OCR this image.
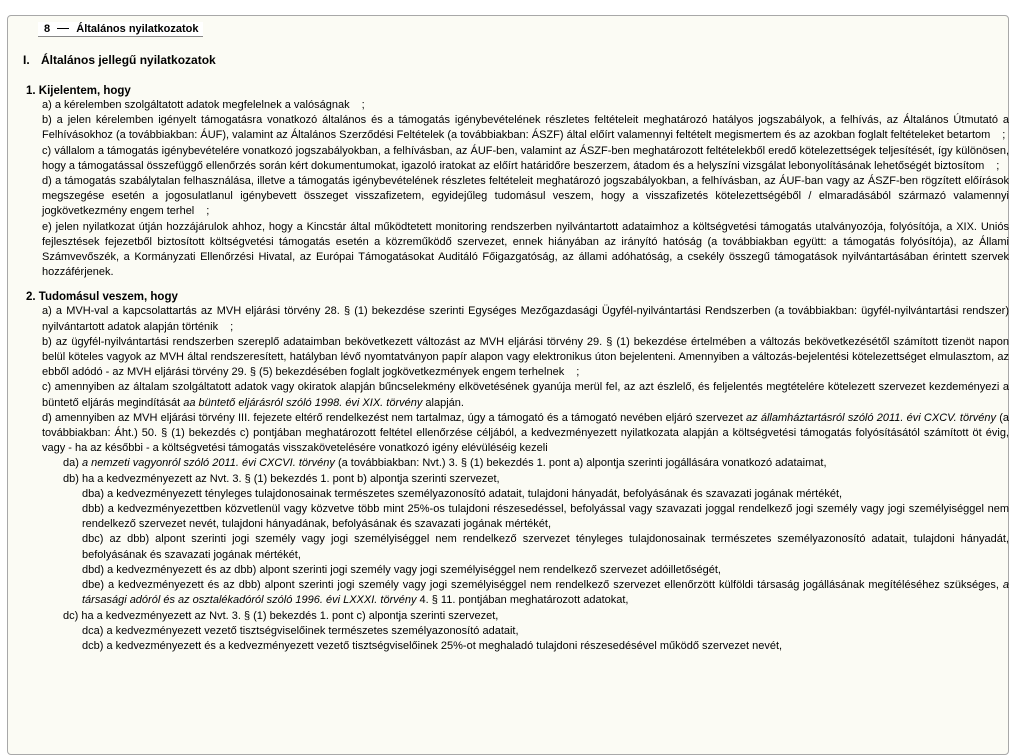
8 Általános nyilatkozatok
I. Általános jellegű nyilatkozatok
1. Kijelentem, hogy

a) a kérelemben szolgáltatott adatok megfelelnek a valóságnak ;

b) a jelen kérelemben igényelt támogatásra vonatkozó általános és a támogatás igénybevételének részletes feltételeit meghatározó hatályos jogszabályok, a felhívás, az Általános Útmutató a Felhívásokhoz (a továbbiakban: ÁUF), valamint az Általános Szerződési Feltételek (a továbbiakban: ÁSZF) által előírt valamennyi feltételt megismertem és az azokban foglalt feltételeket betartom ;

c) vállalom a támogatás igénybevételére vonatkozó jogszabályokban, a felhívásban, az ÁUF-ben, valamint az ÁSZF-ben meghatározott feltételekből eredő kötelezettségek teljesítését, így különösen, hogy a támogatással összefüggő ellenőrzés során kért dokumentumokat, igazoló iratokat az előírt határidőre beszerzem, átadom és a helyszíni vizsgálat lebonyolításának lehetőségét biztosítom ;

d) a támogatás szabálytalan felhasználása, illetve a támogatás igénybevételének részletes feltételeit meghatározó jogszabályokban, a felhívásban, az ÁUF-ban vagy az ÁSZF-ben rögzített előírások megszegése esetén a jogosulatlanul igénybevett összeget visszafizetem, egyidejűleg tudomásul veszem, hogy a visszafizetés kötelezettségéből / elmaradásából származó valamennyi jogkövetkezmény engem terhel ;

e) jelen nyilatkozat útján hozzájárulok ahhoz, hogy a Kincstár által működtetett monitoring rendszerben nyilvántartott adataimhoz a költségvetési támogatás utalványozója, folyósítója, a XIX. Uniós fejlesztések fejezetből biztosított költségvetési támogatás esetén a közreműködő szervezet, ennek hiányában az irányító hatóság (a továbbiakban együtt: a támogatás folyósítója), az Állami Számvevőszék, a Kormányzati Ellenőrzési Hivatal, az Európai Támogatásokat Auditáló Főigazgatóság, az állami adóhatóság, a csekély összegű támogatások nyilvántartásában érintett szervek hozzáférjenek.

2. Tudomásul veszem, hogy

a) a MVH-val a kapcsolattartás az MVH eljárási törvény 28. § (1) bekezdése szerinti Egységes Mezőgazdasági Ügyfél-nyilvántartási Rendszerben (a továbbiakban: ügyfél-nyilvántartási rendszer) nyilvántartott adatok alapján történik ;

b) az ügyfél-nyilvántartási rendszerben szereplő adataimban bekövetkezett változást az MVH eljárási törvény 29. § (1) bekezdése értelmében a változás bekövetkezésétől számított tizenöt napon belül köteles vagyok az MVH által rendszeresített, hatályban lévő nyomtatványon papír alapon vagy elektronikus úton bejelenteni. Amennyiben a változás-bejelentési kötelezettséget elmulasztom, az ebből adódó - az MVH eljárási törvény 29. § (5) bekezdésében foglalt jogkövetkezmények engem terhelnek ;

c) amennyiben az általam szolgáltatott adatok vagy okiratok alapján bűncselekmény elkövetésének gyanúja merül fel, az azt észlelő, és feljelentés megtételére kötelezett szervezet kezdeményezi a büntető eljárás megindítását aa büntető eljárásról szóló 1998. évi XIX. törvény alapján.

d) amennyiben az MVH eljárási törvény III. fejezete eltérő rendelkezést nem tartalmaz, úgy a támogató és a támogató nevében eljáró szervezet az államháztartásról szóló 2011. évi CXCV. törvény (a továbbiakban: Áht.) 50. § (1) bekezdés c) pontjában meghatározott feltétel ellenőrzése céljából, a kedvezményezett nyilatkozata alapján a költségvetési támogatás folyósításától számított öt évig, vagy - ha az későbbi - a költségvetési támogatás visszakövetelésére vonatkozó igény elévüléséig kezeli

da) a nemzeti vagyonról szóló 2011. évi CXCVI. törvény (a továbbiakban: Nvt.) 3. § (1) bekezdés 1. pont a) alpontja szerinti jogállására vonatkozó adataimat,

db) ha a kedvezményezett az Nvt. 3. § (1) bekezdés 1. pont b) alpontja szerinti szervezet,

dba) a kedvezményezett tényleges tulajdonosainak természetes személyazonosító adatait, tulajdoni hányadát, befolyásának és szavazati jogának mértékét,

dbb) a kedvezményezettben közvetlenül vagy közvetve több mint 25%-os tulajdoni részesedéssel, befolyással vagy szavazati joggal rendelkező jogi személy vagy jogi személyiséggel nem rendelkező szervezet nevét, tulajdoni hányadának, befolyásának és szavazati jogának mértékét,

dbc) az dbb) alpont szerinti jogi személy vagy jogi személyiséggel nem rendelkező szervezet tényleges tulajdonosainak természetes személyazonosító adatait, tulajdoni hányadát, befolyásának és szavazati jogának mértékét,

dbd) a kedvezményezett és az dbb) alpont szerinti jogi személy vagy jogi személyiséggel nem rendelkező szervezet adóilletőségét,

dbe) a kedvezményezett és az dbb) alpont szerinti jogi személy vagy jogi személyiséggel nem rendelkező szervezet ellenőrzött külföldi társaság jogállásának megítéléséhez szükséges, a társasági adóról és az osztalékadóról szóló 1996. évi LXXXI. törvény 4. § 11. pontjában meghatározott adatokat,

dc) ha a kedvezményezett az Nvt. 3. § (1) bekezdés 1. pont c) alpontja szerinti szervezet,

dca) a kedvezményezett vezető tisztségviselőinek természetes személyazonosító adatait,

dcb) a kedvezményezett és a kedvezményezett vezető tisztségviselőinek 25%-ot meghaladó tulajdoni részesedésével működő szervezet nevét,
